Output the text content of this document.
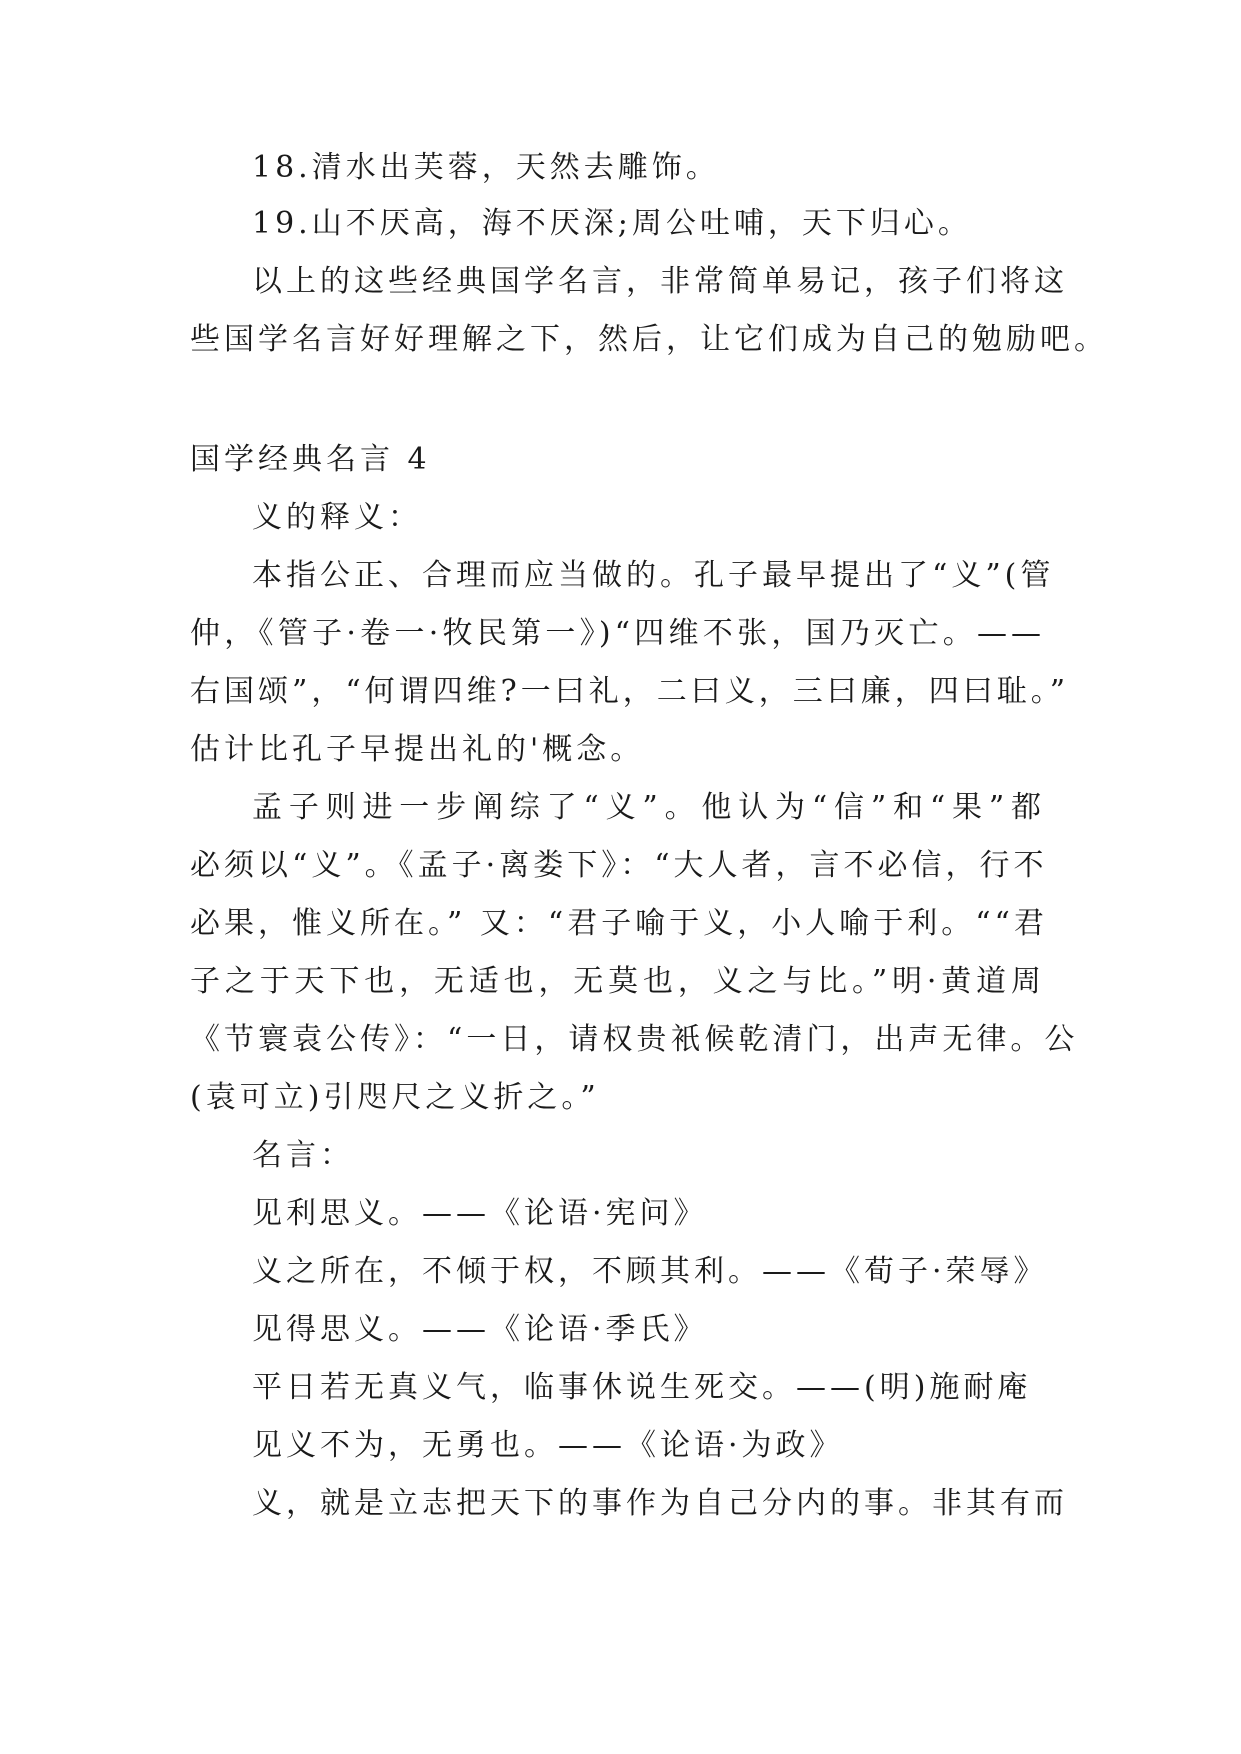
18.清水出芙蓉，天然去雕饰。
19.山不厌高，海不厌深;周公吐哺，天下归心。
以上的这些经典国学名言，非常简单易记，孩子们将这
些国学名言好好理解之下，然后，让它们成为自己的勉励吧。
国学经典名言 4
义的释义：
本指公正、合理而应当做的。孔子最早提出了“义”(管
仲，《管子·卷一·牧民第一》)“四维不张，国乃灭亡。——
右国颂”，“何谓四维?一曰礼，二曰义，三曰廉，四曰耻。”
估计比孔子早提出礼的'概念。
孟子则进一步阐综了“义”。他认为“信”和“果”都
必须以“义”。《孟子·离娄下》：“大人者，言不必信，行不
必果，惟义所在。” 又：“君子喻于义，小人喻于利。““君
子之于天下也，无适也，无莫也，义之与比。”明·黄道周
《节寰袁公传》：“一日，请权贵衹候乾清门，出声无律。公
(袁可立)引咫尺之义折之。”
名言：
见利思义。——《论语·宪问》
义之所在，不倾于权，不顾其利。——《荀子·荣辱》
见得思义。——《论语·季氏》
平日若无真义气，临事休说生死交。——(明)施耐庵
见义不为，无勇也。——《论语·为政》
义，就是立志把天下的事作为自己分内的事。非其有而
